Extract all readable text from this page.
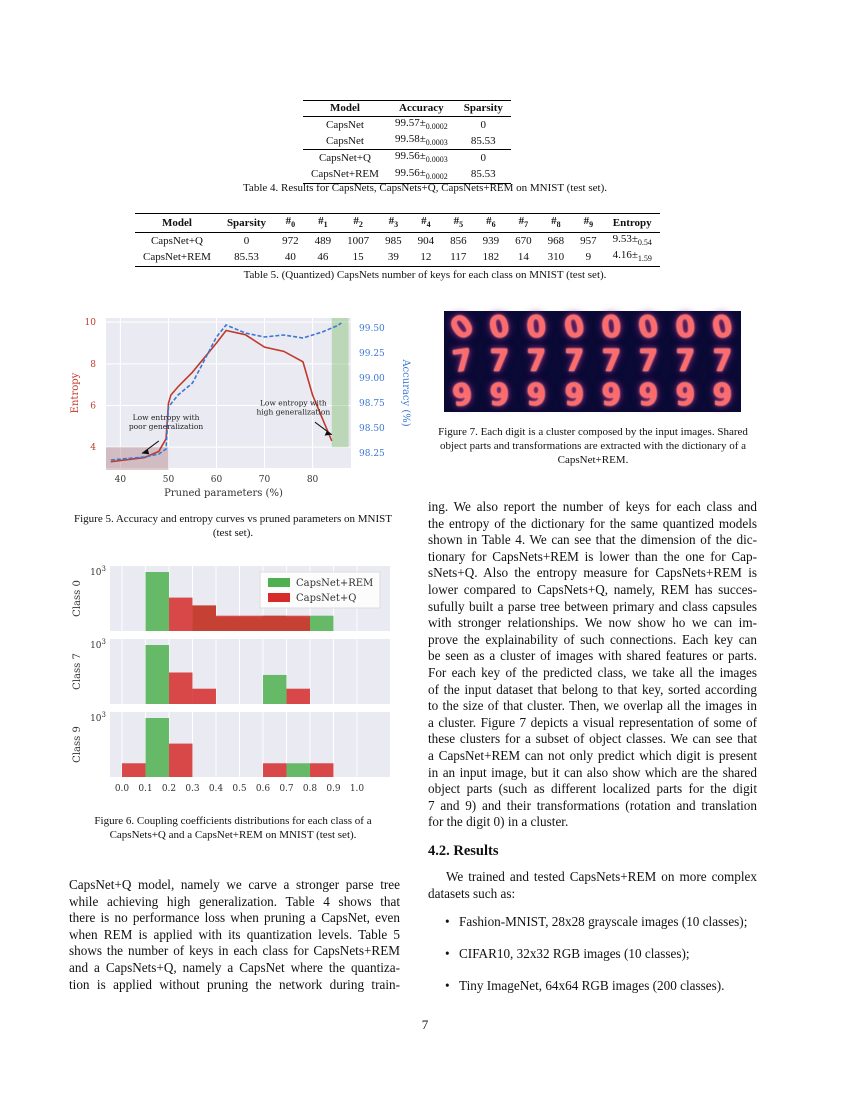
Model	Accuracy	Sparsity
CapsNet	$99.57\pm_{0.0002}$	0
CapsNet	$99.58\pm_{0.0003}$	85.53
CapsNet+Q	$99.56\pm_{0.0003}$	0
CapsNet+REM	$99.56\pm_{0.0002}$	85.53
Table 4. Results for CapsNets, CapsNets+Q, CapsNets+REM on MNIST (test set).
Model	Sparsity	$\#_0$	$\#_1$	$\#_2$	$\#_3$	$\#_4$	$\#_5$	$\#_6$	$\#_7$	$\#_8$	$\#_9$	Entropy
CapsNet+Q	0	972	489	1007	985	904	856	939	670	968	957	$9.53\pm_{0.54}$
CapsNet+REM	85.53	40	46	15	39	12	117	182	14	310	9	$4.16\pm_{1.59}$
Table 5. (Quantized) CapsNets number of keys for each class on MNIST (test set).
40	50	60	70	80
4
6
8
10
98.25
98.50
98.75
99.00
99.25
99.50
Low entropy with poor generalization
Low entropy with high generalization
Pruned parameters (%)
Entropy	Accuracy (%)
Figure 5. Accuracy and entropy curves vs pruned parameters on MNIST (test set).
$10^3$
Class 0
$10^3$
Class 7
$10^3$
Class 9
0.0 0.1 0.2 0.3 0.4 0.5 0.6 0.7 0.8 0.9 1.0
CapsNet+REM
CapsNet+Q
Figure 6. Coupling coefficients distributions for each class of a CapsNets+Q and a CapsNet+REM on MNIST (test set).
0 0 0 0 0 0 0 0
7 7 7 7 7 7 7 7
9 9 9 9 9 9 9 9
Figure 7. Each digit is a cluster composed by the input images. Shared object parts and transformations are extracted with the dictionary of a CapsNet+REM.
ing. We also report the number of keys for each class and
the entropy of the dictionary for the same quantized models
shown in Table 4. We can see that the dimension of the dic-
tionary for CapsNets+REM is lower than the one for Cap-
sNets+Q. Also the entropy measure for CapsNets+REM is
lower compared to CapsNets+Q, namely, REM has succes-
sufully built a parse tree between primary and class capsules
with stronger relationships. We now show ho we can im-
prove the explainability of such connections. Each key can
be seen as a cluster of images with shared features or parts.
For each key of the predicted class, we take all the images
of the input dataset that belong to that key, sorted according
to the size of that cluster. Then, we overlap all the images in
a cluster. Figure 7 depicts a visual representation of some of
these clusters for a subset of object classes. We can see that
a CapsNet+REM can not only predict which digit is present
in an input image, but it can also show which are the shared
object parts (such as different localized parts for the digit
7 and 9) and their transformations (rotation and translation
for the digit 0) in a cluster.
4.2. Results
We trained and tested CapsNets+REM on more complex datasets such as:
• Fashion-MNIST, 28x28 grayscale images (10 classes);
• CIFAR10, 32x32 RGB images (10 classes);
• Tiny ImageNet, 64x64 RGB images (200 classes).
CapsNet+Q model, namely we carve a stronger parse tree
while achieving high generalization. Table 4 shows that
there is no performance loss when pruning a CapsNet, even
when REM is applied with its quantization levels. Table 5
shows the number of keys in each class for CapsNets+REM
and a CapsNets+Q, namely a CapsNet where the quantiza-
tion is applied without pruning the network during train-
7
